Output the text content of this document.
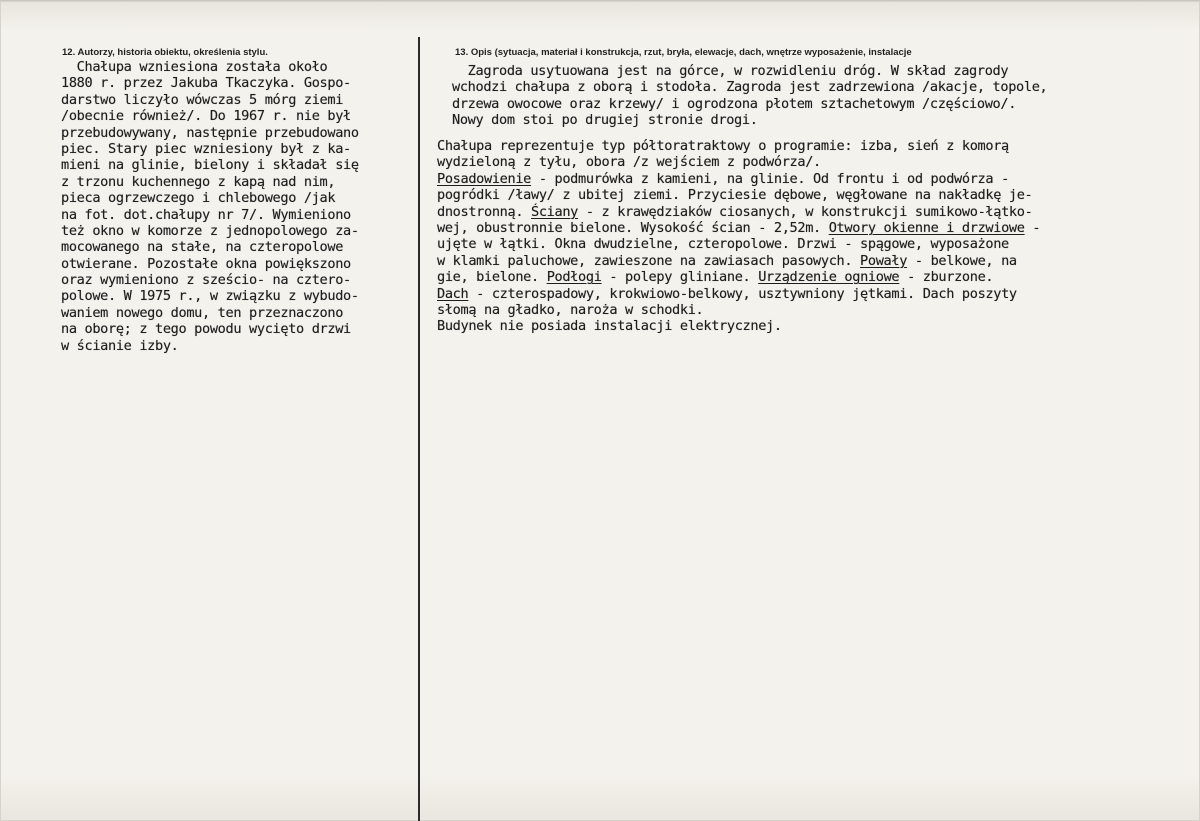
12. Autorzy, historia obiektu, określenia stylu.	13. Opis (sytuacja, materiał i konstrukcja, rzut, bryła, elewacje, dach, wnętrze wyposażenie, instalacje
Chałupa wzniesiona została około
1880 r. przez Jakuba Tkaczyka. Gospo-
darstwo liczyło wówczas 5 mórg ziemi
/obecnie również/. Do 1967 r. nie był
przebudowywany, następnie przebudowano
piec. Stary piec wzniesiony był z ka-
mieni na glinie, bielony i składał się
z trzonu kuchennego z kapą nad nim,
pieca ogrzewczego i chlebowego /jak
na fot. dot.chałupy nr 7/. Wymieniono
też okno w komorze z jednopolowego za-
mocowanego na stałe, na czteropolowe
otwierane. Pozostałe okna powiększono
oraz wymieniono z sześcio- na cztero-
polowe. W 1975 r., w związku z wybudo-
waniem nowego domu, ten przeznaczono
na oborę; z tego powodu wycięto drzwi
w ścianie izby.
Zagroda usytuowana jest na górce, w rozwidleniu dróg. W skład zagrody
wchodzi chałupa z oborą i stodoła. Zagroda jest zadrzewiona /akacje, topole,
drzewa owocowe oraz krzewy/ i ogrodzona płotem sztachetowym /częściowo/.
Nowy dom stoi po drugiej stronie drogi.
Chałupa reprezentuje typ półtoratraktowy o programie: izba, sień z komorą
wydzieloną z tyłu, obora /z wejściem z podwórza/.
Posadowienie - podmurówka z kamieni, na glinie. Od frontu i od podwórza -
pogródki /ławy/ z ubitej ziemi. Przyciesie dębowe, węgłowane na nakładkę je-
dnostronną. Ściany - z krawędziaków ciosanych, w konstrukcji sumikowo-łątko-
wej, obustronnie bielone. Wysokość ścian - 2,52m. Otwory okienne i drzwiowe -
ujęte w łątki. Okna dwudzielne, czteropolowe. Drzwi - spągowe, wyposażone
w klamki paluchowe, zawieszone na zawiasach pasowych. Powały - belkowe, na
gie, bielone. Podłogi - polepy gliniane. Urządzenie ogniowe - zburzone.
Dach - czterospadowy, krokwiowo-belkowy, usztywniony jętkami. Dach poszyty
słomą na gładko, naroża w schodki.
Budynek nie posiada instalacji elektrycznej.
